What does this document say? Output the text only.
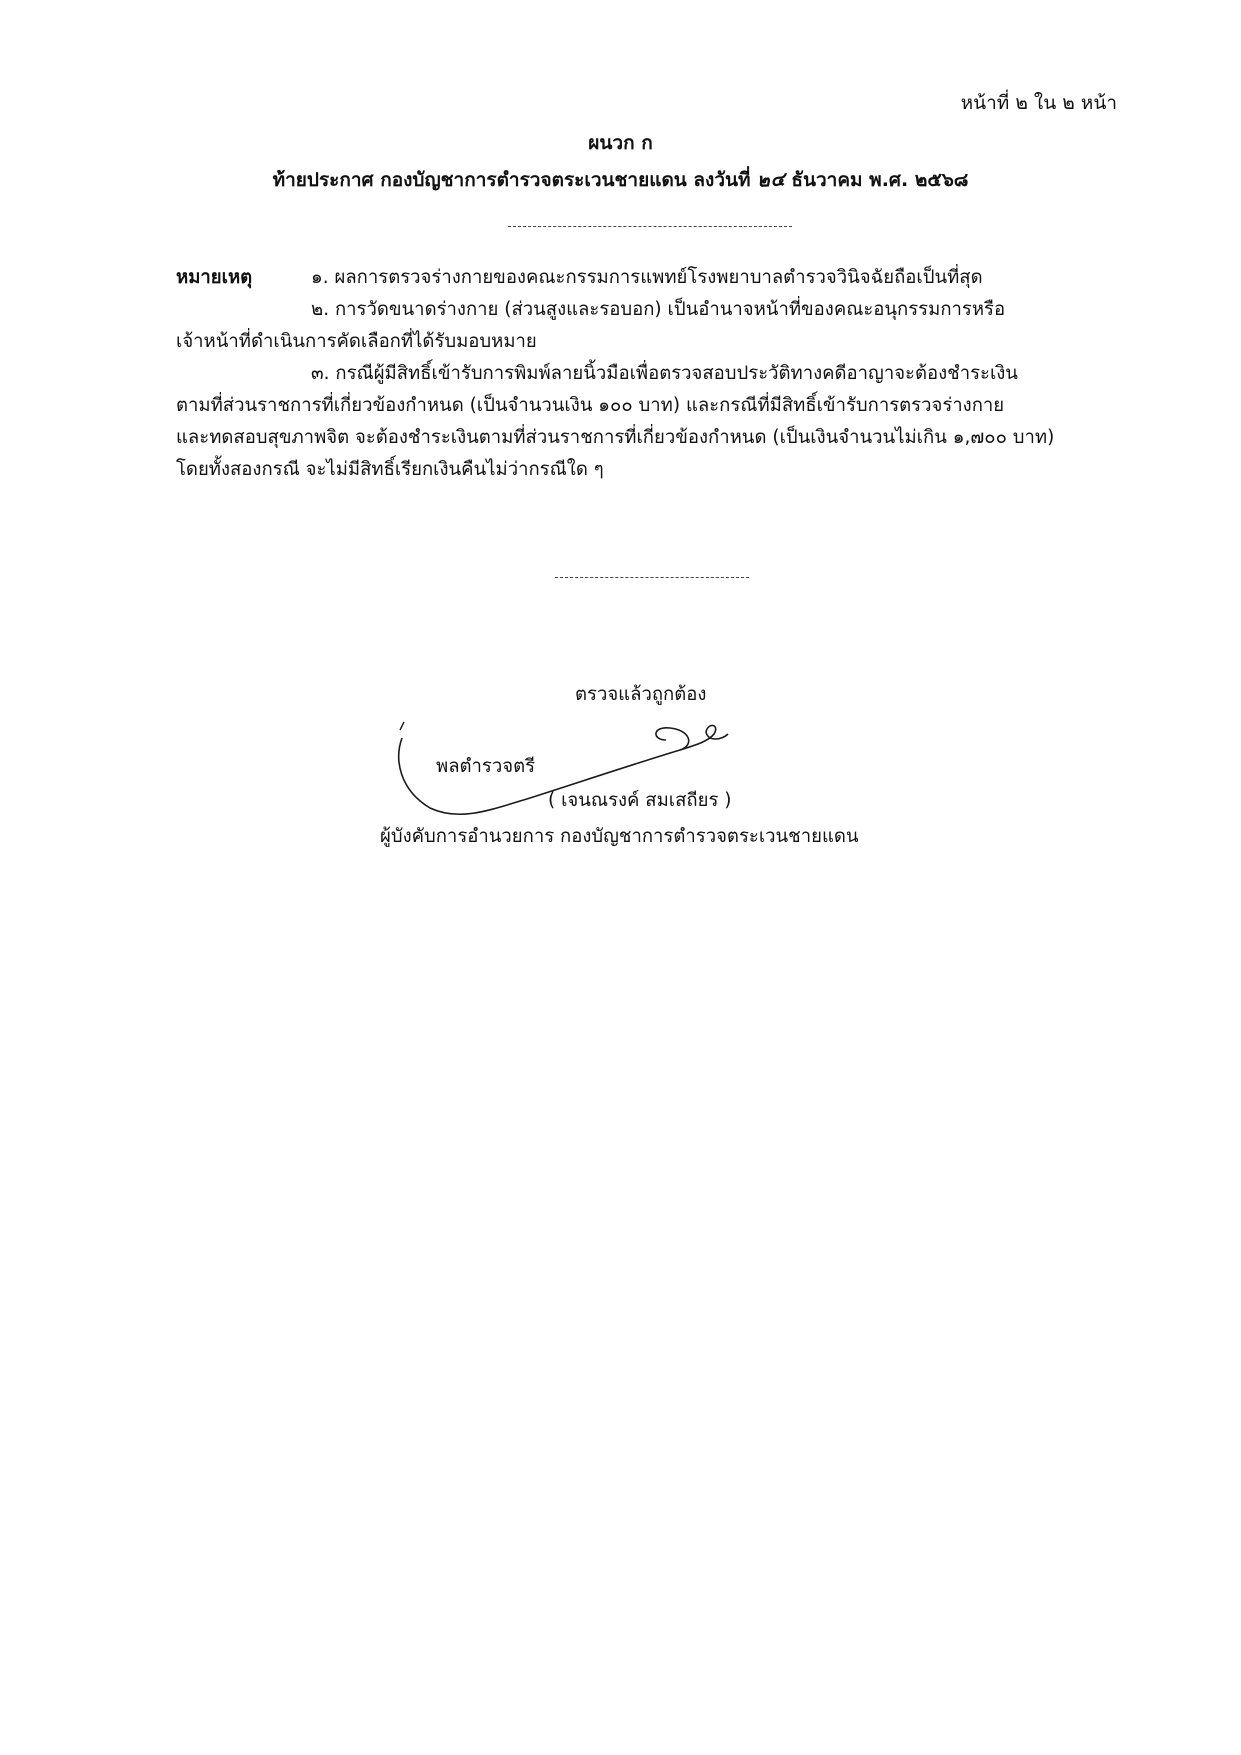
หน้าที่ ๒ ใน ๒ หน้า
ผนวก ก
ท้ายประกาศ กองบัญชาการตำรวจตระเวนชายแดน ลงวันที่ ๒๔ ธันวาคม พ.ศ. ๒๕๖๘
หมายเหตุ	๑. ผลการตรวจร่างกายของคณะกรรมการแพทย์โรงพยาบาลตำรวจวินิจฉัยถือเป็นที่สุด
๒. การวัดขนาดร่างกาย (ส่วนสูงและรอบอก) เป็นอำนาจหน้าที่ของคณะอนุกรรมการหรือ
เจ้าหน้าที่ดำเนินการคัดเลือกที่ได้รับมอบหมาย
๓. กรณีผู้มีสิทธิ์เข้ารับการพิมพ์ลายนิ้วมือเพื่อตรวจสอบประวัติทางคดีอาญาจะต้องชำระเงิน
ตามที่ส่วนราชการที่เกี่ยวข้องกำหนด (เป็นจำนวนเงิน ๑๐๐ บาท) และกรณีที่มีสิทธิ์เข้ารับการตรวจร่างกาย
และทดสอบสุขภาพจิต จะต้องชำระเงินตามที่ส่วนราชการที่เกี่ยวข้องกำหนด (เป็นเงินจำนวนไม่เกิน ๑,๗๐๐ บาท)
โดยทั้งสองกรณี จะไม่มีสิทธิ์เรียกเงินคืนไม่ว่ากรณีใด ๆ
ตรวจแล้วถูกต้อง
พลตำรวจตรี
( เจนณรงค์ สมเสถียร )
ผู้บังคับการอำนวยการ กองบัญชาการตำรวจตระเวนชายแดน
